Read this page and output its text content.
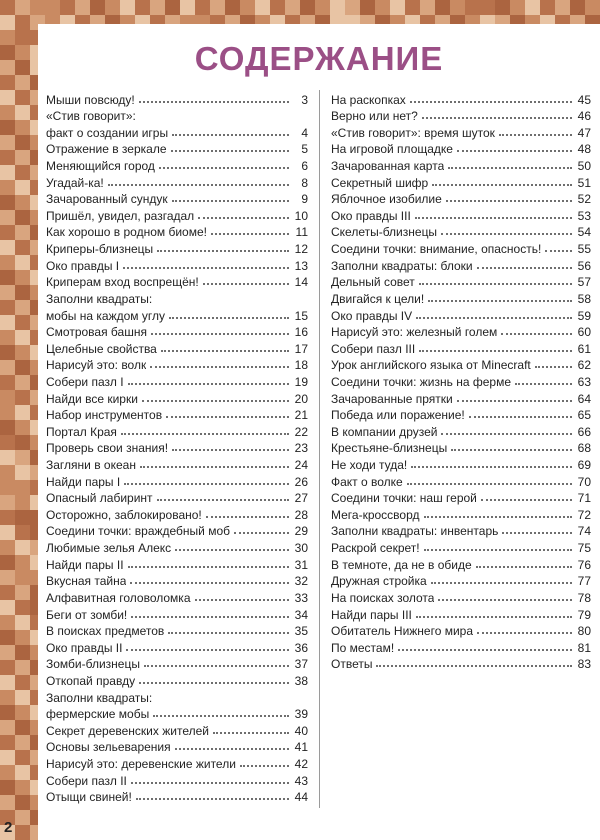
СОДЕРЖАНИЕ
Мыши повсюду!	3
«Стив говорит»:
факт о создании игры	4
Отражение в зеркале	5
Меняющийся город	6
Угадай-ка!	8
Зачарованный сундук	9
Пришёл, увидел, разгадал	10
Как хорошо в родном биоме!	11
Криперы-близнецы	12
Око правды I	13
Криперам вход воспрещён!	14
Заполни квадраты:
мобы на каждом углу	15
Смотровая башня	16
Целебные свойства	17
Нарисуй это: волк	18
Собери пазл I	19
Найди все кирки	20
Набор инструментов	21
Портал Края	22
Проверь свои знания!	23
Загляни в океан	24
Найди пары I	26
Опасный лабиринт	27
Осторожно, заблокировано!	28
Соедини точки: враждебный моб	29
Любимые зелья Алекс	30
Найди пары II	31
Вкусная тайна	32
Алфавитная головоломка	33
Беги от зомби!	34
В поисках предметов	35
Око правды II	36
Зомби-близнецы	37
Откопай правду	38
Заполни квадраты:
фермерские мобы	39
Секрет деревенских жителей	40
Основы зельеварения	41
Нарисуй это: деревенские жители	42
Собери пазл II	43
Отыщи свиней!	44
На раскопках	45
Верно или нет?	46
«Стив говорит»: время шуток	47
На игровой площадке	48
Зачарованная карта	50
Секретный шифр	51
Яблочное изобилие	52
Око правды III	53
Скелеты-близнецы	54
Соедини точки: внимание, опасность!	55
Заполни квадраты: блоки	56
Дельный совет	57
Двигайся к цели!	58
Око правды IV	59
Нарисуй это: железный голем	60
Собери пазл III	61
Урок английского языка от Minecraft	62
Соедини точки: жизнь на ферме	63
Зачарованные прятки	64
Победа или поражение!	65
В компании друзей	66
Крестьяне-близнецы	68
Не ходи туда!	69
Факт о волке	70
Соедини точки: наш герой	71
Мега-кроссворд	72
Заполни квадраты: инвентарь	74
Раскрой секрет!	75
В темноте, да не в обиде	76
Дружная стройка	77
На поисках золота	78
Найди пары III	79
Обитатель Нижнего мира	80
По местам!	81
Ответы	83
2
